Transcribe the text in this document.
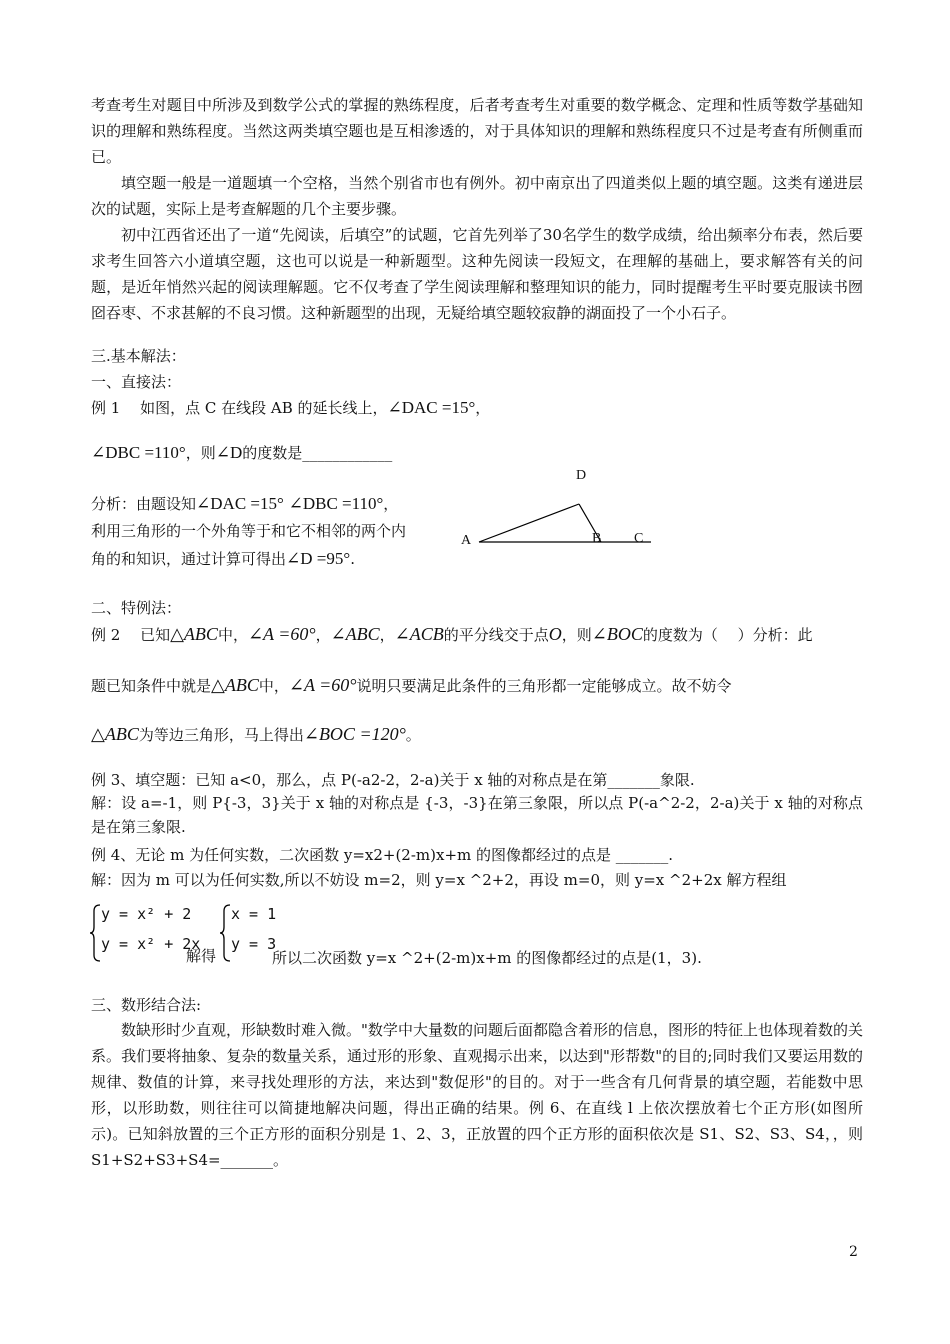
考查考生对题目中所涉及到数学公式的掌握的熟练程度，后者考查考生对重要的数学概念、定理和性质等数学基础知识的理解和熟练程度。当然这两类填空题也是互相渗透的，对于具体知识的理解和熟练程度只不过是考查有所侧重而已。

填空题一般是一道题填一个空格，当然个别省市也有例外。初中南京出了四道类似上题的填空题。这类有递进层次的试题，实际上是考查解题的几个主要步骤。

初中江西省还出了一道“先阅读，后填空”的试题，它首先列举了30名学生的数学成绩，给出频率分布表，然后要求考生回答六小道填空题，这也可以说是一种新题型。这种先阅读一段短文，在理解的基础上，要求解答有关的问题，是近年悄然兴起的阅读理解题。它不仅考查了学生阅读理解和整理知识的能力，同时提醒考生平时要克服读书囫囵吞枣、不求甚解的不良习惯。这种新题型的出现，无疑给填空题较寂静的湖面投了一个小石子。

三.基本解法：
一、直接法：
例 1　 如图，点 C 在线段 AB 的延长线上，∠DAC =15°，
∠DBC =110°，则∠D的度数是____________
分析：由题设知∠DAC =15° ∠DBC =110°，
利用三角形的一个外角等于和它不相邻的两个内
角的和知识，通过计算可得出∠D =95°.
D
A	B C
二、特例法：
例 2　 已知△ABC中，∠A =60°，∠ABC，∠ACB的平分线交于点O，则∠BOC的度数为（　 ）分析：此
题已知条件中就是△ABC中，∠A =60°说明只要满足此条件的三角形都一定能够成立。故不妨令
△ABC为等边三角形，马上得出∠BOC =120°。
例 3、填空题：已知 a<0，那么，点 P(-a2-2，2-a)关于 x 轴的对称点是在第_______象限.

解：设 a=-1，则 P{-3，3}关于 x 轴的对称点是 {-3，-3}在第三象限，所以点 P(-a^2-2，2-a)关于 x 轴的对称点是在第三象限.

例 4、无论 m 为任何实数，二次函数 y=x2+(2-m)x+m 的图像都经过的点是 _______.
解：因为 m 可以为任何实数,所以不妨设 m=2，则 y=x ^2+2，再设 m=0，则 y=x ^2+2x 解方程组
y = x² + 2
y = x² + 2x
解得
x = 1
y = 3
所以二次函数 y=x ^2+(2-m)x+m 的图像都经过的点是(1，3).
三、数形结合法:

数缺形时少直观，形缺数时难入微。"数学中大量数的问题后面都隐含着形的信息，图形的特征上也体现着数的关系。我们要将抽象、复杂的数量关系，通过形的形象、直观揭示出来，以达到"形帮数"的目的;同时我们又要运用数的规律、数值的计算，来寻找处理形的方法，来达到"数促形"的目的。对于一些含有几何背景的填空题，若能数中思形，以形助数，则往往可以简捷地解决问题，得出正确的结果。例 6、在直线 l 上依次摆放着七个正方形(如图所示)。已知斜放置的三个正方形的面积分别是 1、2、3，正放置的四个正方形的面积依次是 S1、S2、S3、S4，，则 S1+S2+S3+S4=_______。

2
